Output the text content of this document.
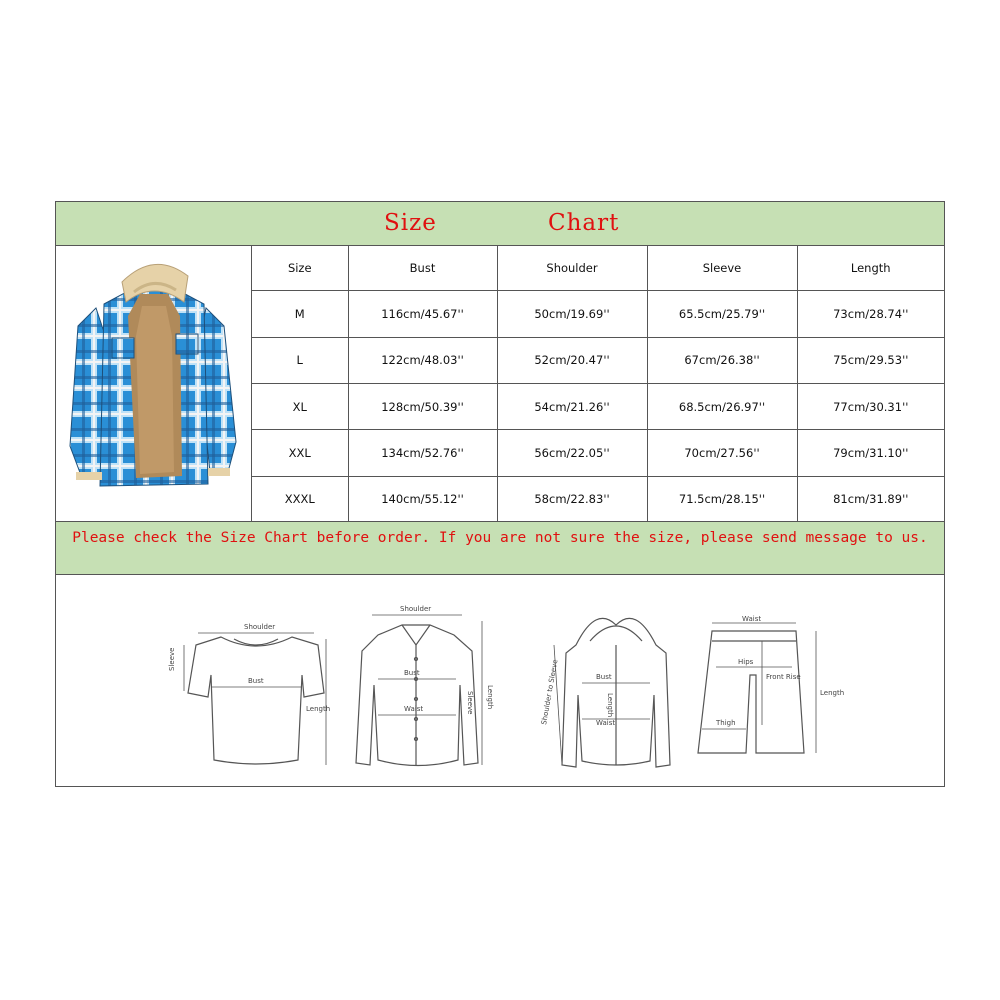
Size	Chart
Size	Bust	Shoulder	Sleeve	Length
M	116cm/45.67''	50cm/19.69''	65.5cm/25.79''	73cm/28.74''
L	122cm/48.03''	52cm/20.47''	67cm/26.38''	75cm/29.53''
XL	128cm/50.39''	54cm/21.26''	68.5cm/26.97''	77cm/30.31''
XXL	134cm/52.76''	56cm/22.05''	70cm/27.56''	79cm/31.10''
XXXL	140cm/55.12''	58cm/22.83''	71.5cm/28.15''	81cm/31.89''
Please check the Size Chart before order. If you are not sure the size, please send message to us.
Shoulder
Sleeve
Bust
Length
Shoulder
Bust
Waist	Sleeve Length	Shoulder to Sleeve	Bust
Length
Waist
Waist
Hips
Front Rise
Thigh
Length
